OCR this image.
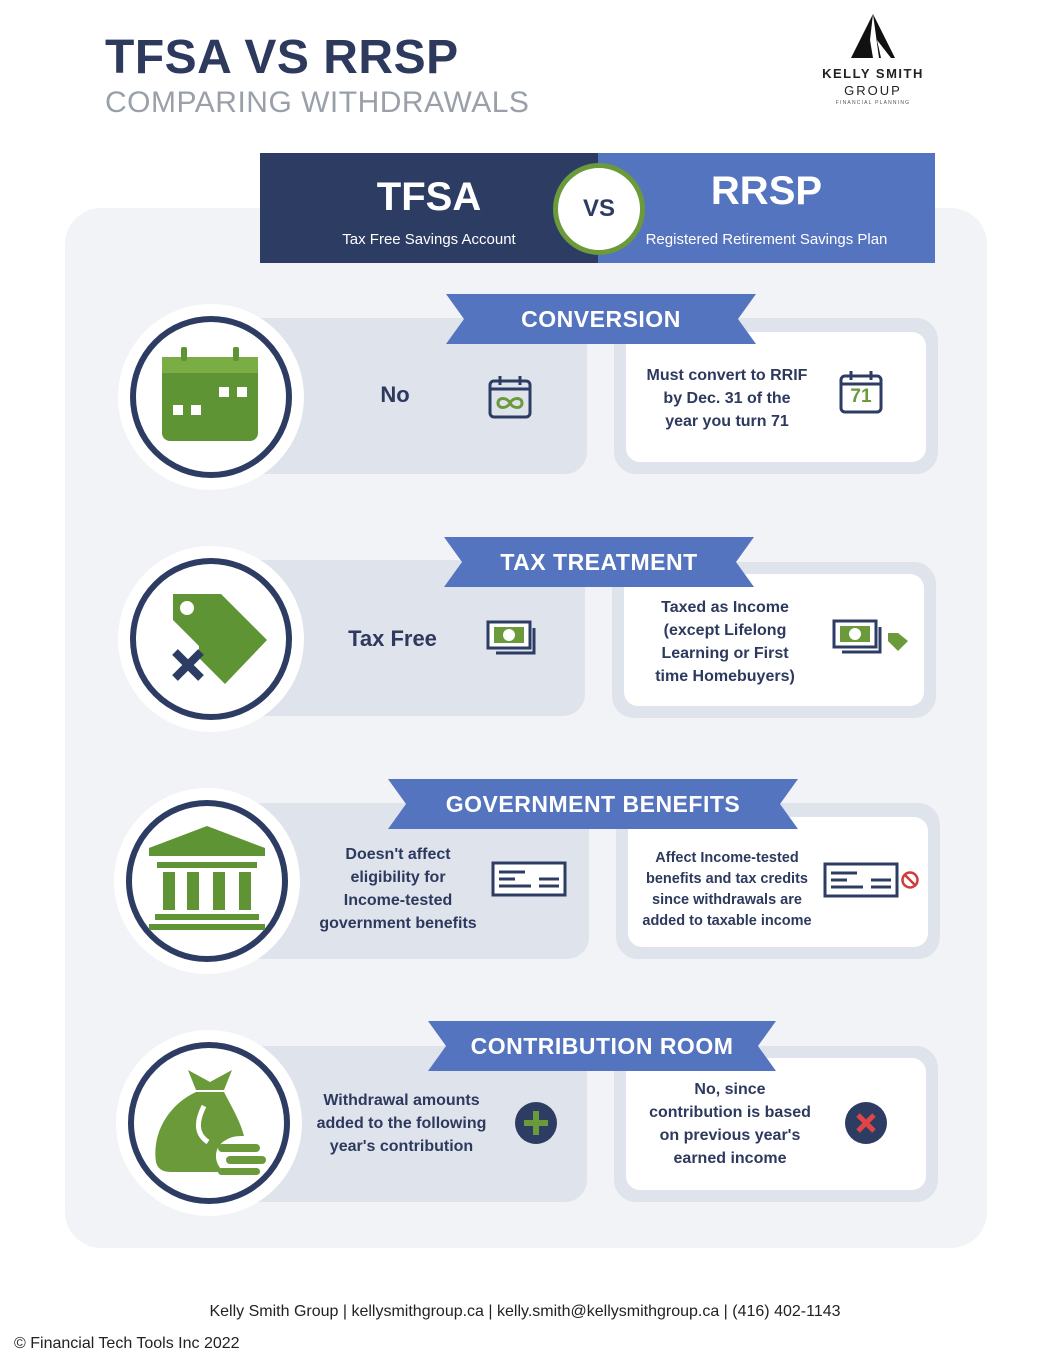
TFSA VS RRSP
COMPARING WITHDRAWALS
KELLY SMITH
GROUP
FINANCIAL PLANNING
TFSA
Tax Free Savings Account
RRSP
Registered Retirement Savings Plan
VS
CONVERSION
No
Must convert to RRIF
by Dec. 31 of the
year you turn 71
71
TAX TREATMENT
Tax Free
Taxed as Income
(except Lifelong
Learning or First
time Homebuyers)
GOVERNMENT BENEFITS
Doesn't affect
eligibility for
Income-tested
government benefits
Affect Income-tested
benefits and tax credits
since withdrawals are
added to taxable income
CONTRIBUTION ROOM
Withdrawal amounts
added to the following
year's contribution
No, since
contribution is based
on previous year's
earned income
Kelly Smith Group | kellysmithgroup.ca | kelly.smith@kellysmithgroup.ca | (416) 402-1143
© Financial Tech Tools Inc 2022
